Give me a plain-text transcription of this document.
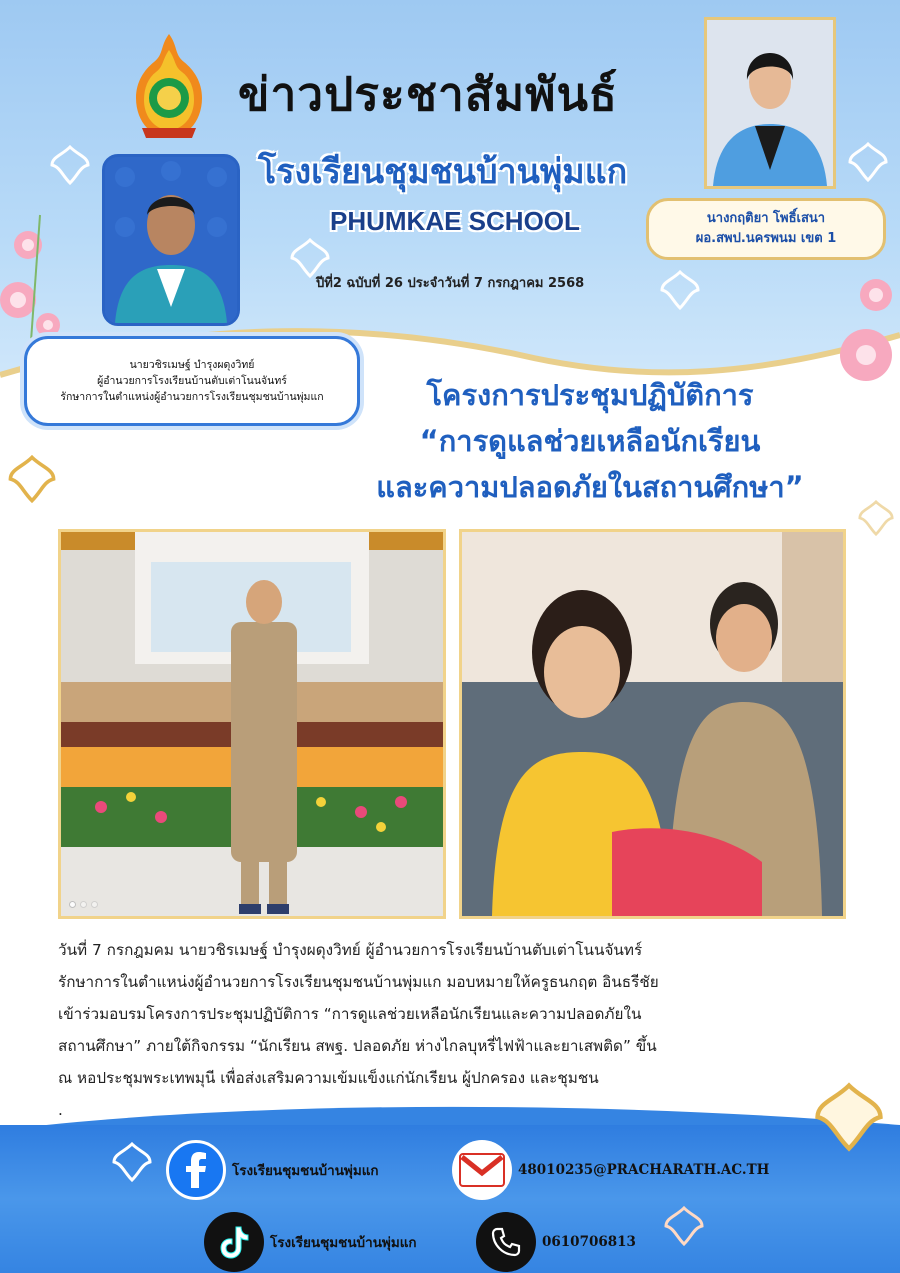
ข่าวประชาสัมพันธ์
โรงเรียนชุมชนบ้านพุ่มแก
PHUMKAE SCHOOL
ปีที่2 ฉบับที่ 26 ประจำวันที่ 7 กรกฎาคม 2568
นายวชิรเมษฐ์ บำรุงผดุงวิทย์
ผู้อำนวยการโรงเรียนบ้านตับเต่าโนนจันทร์
รักษาการในตำแหน่งผู้อำนวยการโรงเรียนชุมชนบ้านพุ่มแก
นางกฤติยา โพธิ์เสนา
ผอ.สพป.นครพนม เขต 1
โครงการประชุมปฏิบัติการ
“การดูแลช่วยเหลือนักเรียน
และความปลอดภัยในสถานศึกษา”

วันที่ 7 กรกฎมคม นายวชิรเมษฐ์ บำรุงผดุงวิทย์ ผู้อำนวยการโรงเรียนบ้านตับเต่าโนนจันทร์

รักษาการในตำแหน่งผู้อำนวยการโรงเรียนชุมชนบ้านพุ่มแก มอบหมายให้ครูธนกฤต อินธรีชัย

เข้าร่วมอบรมโครงการประชุมปฏิบัติการ “การดูแลช่วยเหลือนักเรียนและความปลอดภัยใน

สถานศึกษา” ภายใต้กิจกรรม “นักเรียน สพฐ. ปลอดภัย ห่างไกลบุหรี่ไฟฟ้าและยาเสพติด” ขึ้น

ณ หอประชุมพระเทพมุนี เพื่อส่งเสริมความเข้มแข็งแก่นักเรียน ผู้ปกครอง และชุมชน

.

โรงเรียนชุมชนบ้านพุ่มแก	48010235@PRACHARATH.AC.TH
โรงเรียนชุมชนบ้านพุ่มแก	0610706813
